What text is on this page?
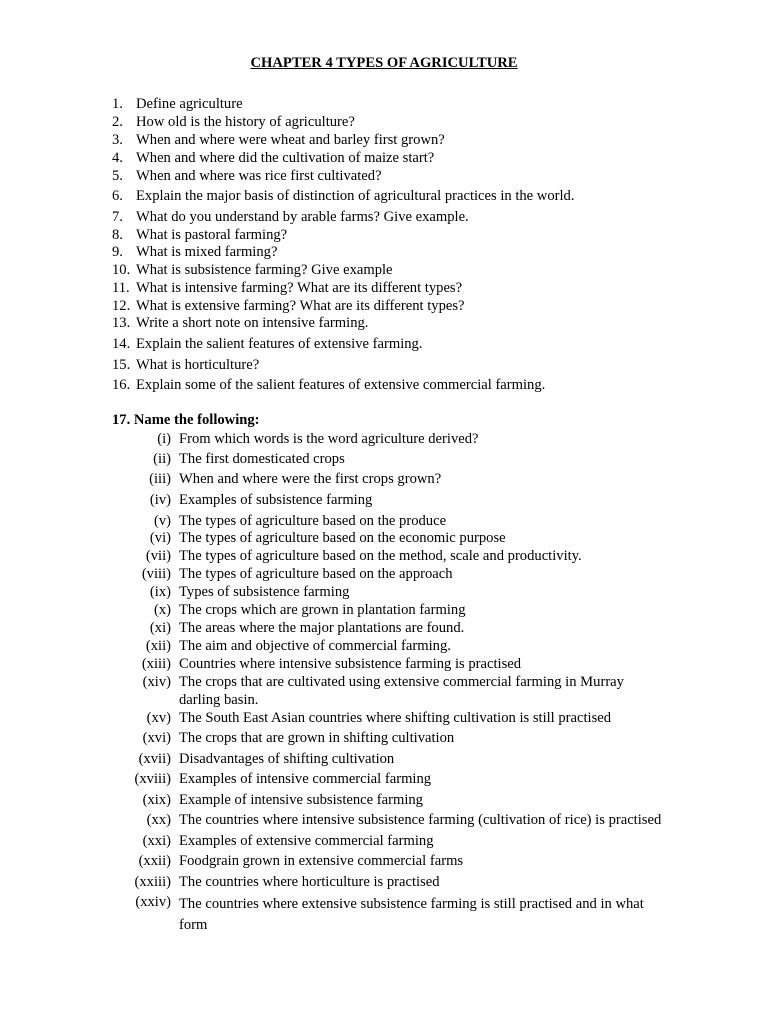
CHAPTER 4 TYPES OF AGRICULTURE
1. Define agriculture
2. How old is the history of agriculture?
3. When and where were wheat and barley first grown?
4. When and where did the cultivation of maize start?
5. When and where was rice first cultivated?
6. Explain the major basis of distinction of agricultural practices in the world.
7. What do you understand by arable farms? Give example.
8. What is pastoral farming?
9. What is mixed farming?
10. What is subsistence farming? Give example
11. What is intensive farming? What are its different types?
12. What is extensive farming? What are its different types?
13. Write a short note on intensive farming.
14. Explain the salient features of extensive farming.
15. What is horticulture?
16. Explain some of the salient features of extensive commercial farming.
17. Name the following:
(i) From which words is the word agriculture derived?
(ii) The first domesticated crops
(iii) When and where were the first crops grown?
(iv) Examples of subsistence farming
(v) The types of agriculture based on the produce
(vi) The types of agriculture based on the economic purpose
(vii) The types of agriculture based on the method, scale and productivity.
(viii) The types of agriculture based on the approach
(ix) Types of subsistence farming
(x) The crops which are grown in plantation farming
(xi) The areas where the major plantations are found.
(xii) The aim and objective of commercial farming.
(xiii) Countries where intensive subsistence farming is practised
(xiv) The crops that are cultivated using extensive commercial farming in Murray darling basin.
(xv) The South East Asian countries where shifting cultivation is still practised
(xvi) The crops that are grown in shifting cultivation
(xvii) Disadvantages of shifting cultivation
(xviii) Examples of intensive commercial farming
(xix) Example of intensive subsistence farming
(xx) The countries where intensive subsistence farming (cultivation of rice) is practised
(xxi) Examples of extensive commercial farming
(xxii) Foodgrain grown in extensive commercial farms
(xxiii) The countries where horticulture is practised
(xxiv) The countries where extensive subsistence farming is still practised and in what form
